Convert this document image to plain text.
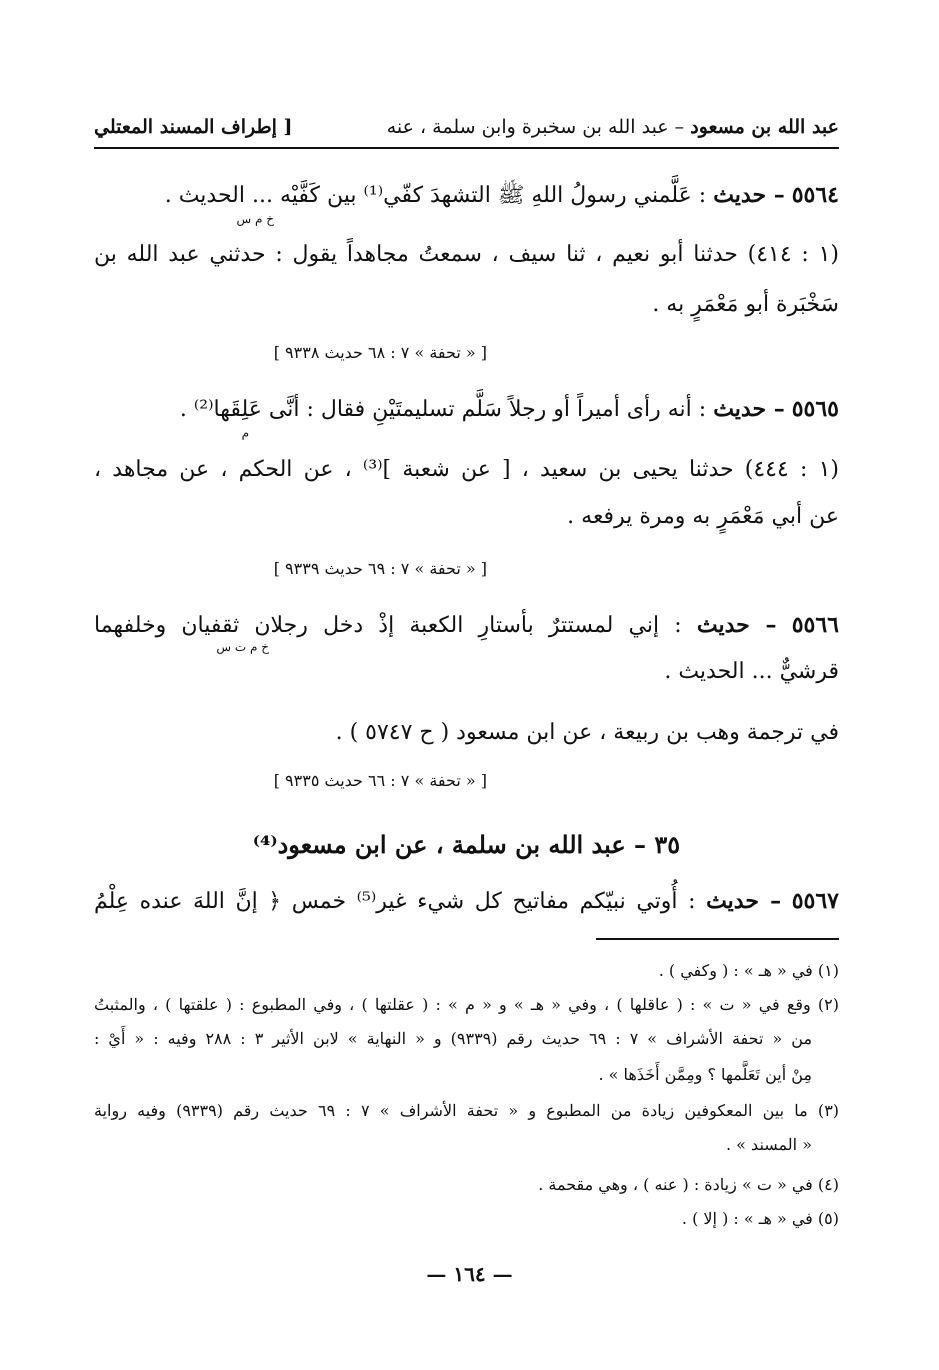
عبد الله بن مسعود – عبد الله بن سخبرة وابن سلمة ، عنه
[ إطراف المسند المعتلي
٥٥٦٤ – حديث : عَلَّمني رسولُ اللهِ ﷺ التشهدَ كفّي⁽¹⁾ بين كَفَّيْه ... الحديث .
خ م س
(١ : ٤١٤) حدثنا أبو نعيم ، ثنا سيف ، سمعتُ مجاهداً يقول : حدثني عبد الله بن
سَخْبَرة أبو مَعْمَرٍ به .
[ « تحفة » ٧ : ٦٨ حديث ٩٣٣٨ ]
٥٥٦٥ – حديث : أنه رأى أميراً أو رجلاً سَلَّم تسليمتَيْنِ فقال : أنَّى عَلِقَها⁽²⁾ .
م
(١ : ٤٤٤) حدثنا يحيى بن سعيد ، [ عن شعبة ]⁽³⁾ ، عن الحكم ، عن مجاهد ،
عن أبي مَعْمَرٍ به ومرة يرفعه .
[ « تحفة » ٧ : ٦٩ حديث ٩٣٣٩ ]
٥٥٦٦ – حديث : إني لمستترٌ بأستارِ الكعبة إذْ دخل رجلان ثقفيان وخلفهما
خ م ت س
قرشيٌّ ... الحديث .
في ترجمة وهب بن ربيعة ، عن ابن مسعود ( ح ٥٧٤٧ ) .
[ « تحفة » ٧ : ٦٦ حديث ٩٣٣٥ ]
٣٥ – عبد الله بن سلمة ، عن ابن مسعود⁽⁴⁾
٥٥٦٧ – حديث : أُوتي نبيّكم مفاتيح كل شيء غير⁽⁵⁾ خمس ﴿ إنَّ اللهَ عنده عِلْمُ
(١) في « هـ » : ( وكفي ) .
(٢) وقع في « ت » : ( عاقلها ) ، وفي « هـ » و « م » : ( عقلتها ) ، وفي المطبوع : ( علقتها ) ، والمثبتُ
من « تحفة الأشراف » ٧ : ٦٩ حديث رقم (٩٣٣٩) و « النهاية » لابن الأثير ٣ : ٢٨٨ وفيه : « أَيْ :
مِنْ أين تَعَلَّمها ؟ ومِمَّن أَخَذَها » .
(٣) ما بين المعكوفين زيادة من المطبوع و « تحفة الأشراف » ٧ : ٦٩ حديث رقم (٩٣٣٩) وفيه رواية
« المسند » .
(٤) في « ت » زيادة : ( عنه ) ، وهي مقحمة .
(٥) في « هـ » : ( إلا ) .
— ١٦٤ —
